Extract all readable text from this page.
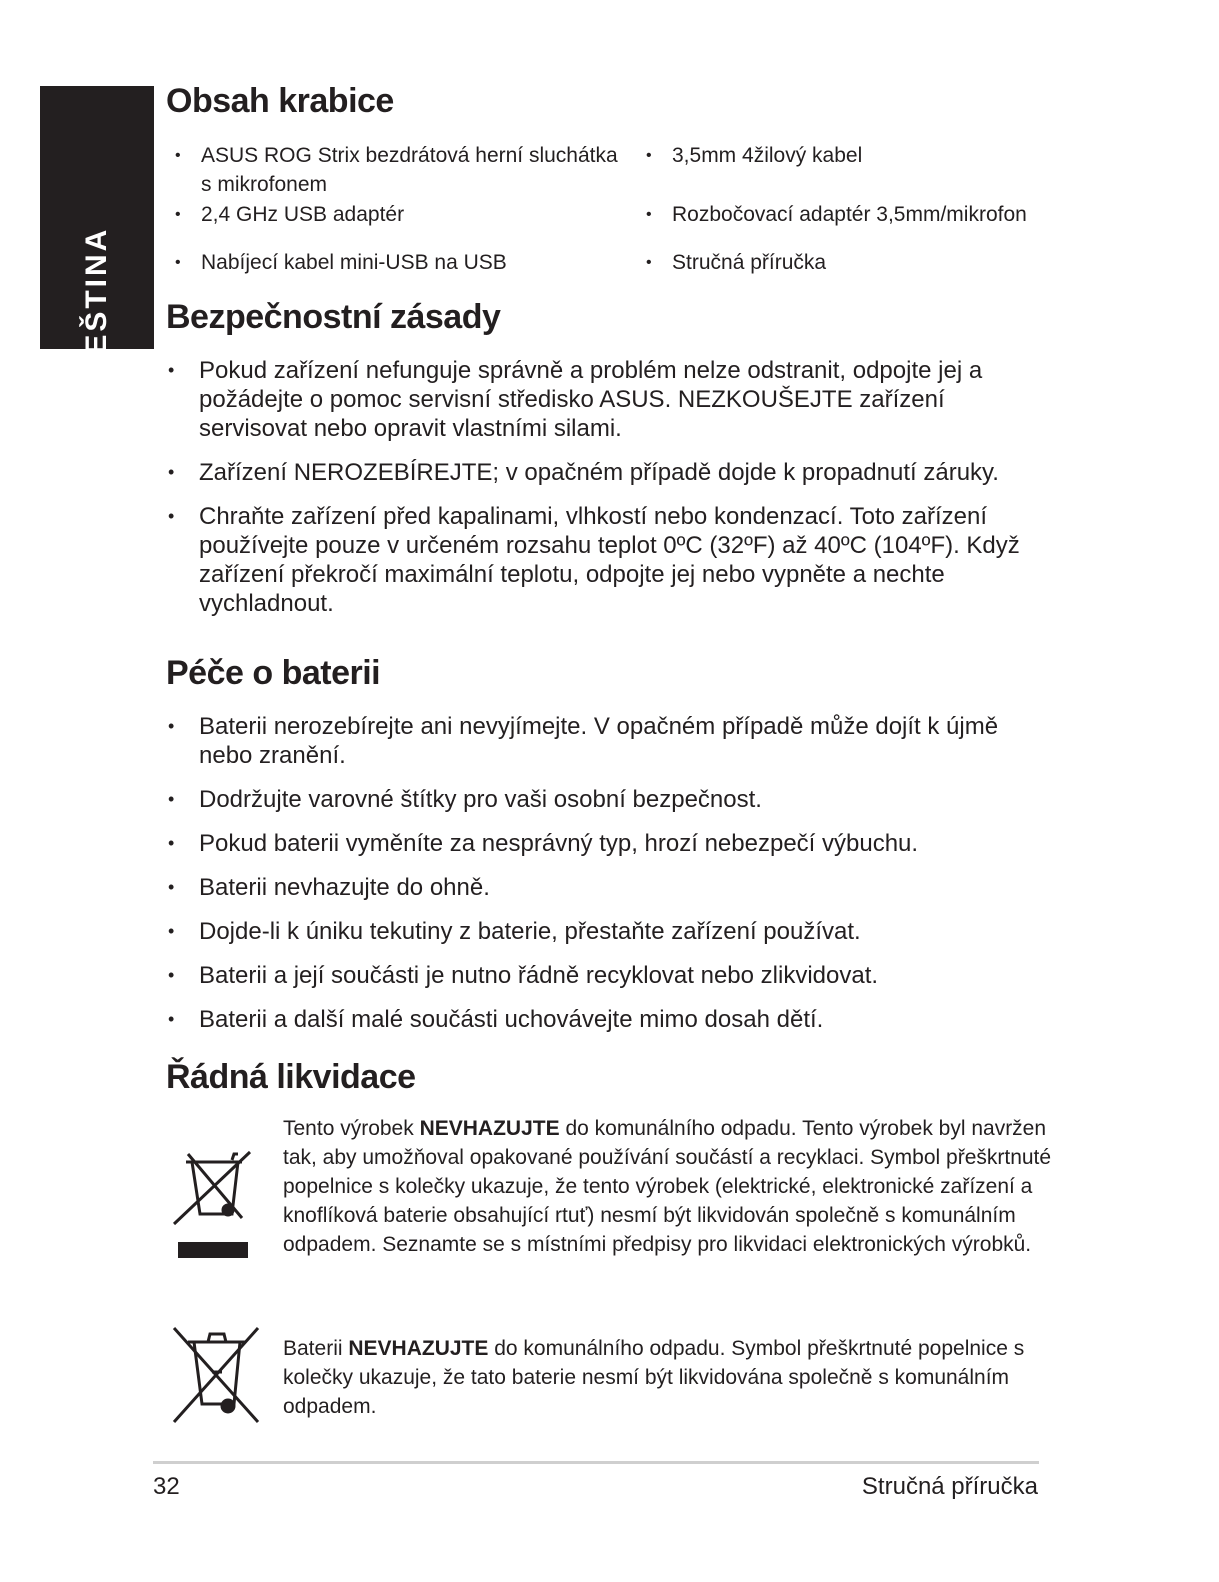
ČEŠTINA
Obsah krabice
• ASUS ROG Strix bezdrátová herní sluchátka s mikrofonem
• 3,5mm 4žilový kabel
• 2,4 GHz USB adaptér	• Rozbočovací adaptér 3,5mm/mikrofon
• Nabíjecí kabel mini-USB na USB	• Stručná příručka
Bezpečnostní zásady
• Pokud zařízení nefunguje správně a problém nelze odstranit, odpojte jej a požádejte o pomoc servisní středisko ASUS. NEZKOUŠEJTE zařízení servisovat nebo opravit vlastními silami.
• Zařízení NEROZEBÍREJTE; v opačném případě dojde k propadnutí záruky.
• Chraňte zařízení před kapalinami, vlhkostí nebo kondenzací. Toto zařízení používejte pouze v určeném rozsahu teplot 0ºC (32ºF) až 40ºC (104ºF). Když zařízení překročí maximální teplotu, odpojte jej nebo vypněte a nechte vychladnout.
Péče o baterii
• Baterii nerozebírejte ani nevyjímejte. V opačném případě může dojít k újmě nebo zranění.
• Dodržujte varovné štítky pro vaši osobní bezpečnost.
• Pokud baterii vyměníte za nesprávný typ, hrozí nebezpečí výbuchu.
• Baterii nevhazujte do ohně.
• Dojde-li k úniku tekutiny z baterie, přestaňte zařízení používat.
• Baterii a její součásti je nutno řádně recyklovat nebo zlikvidovat.
• Baterii a další malé součásti uchovávejte mimo dosah dětí.
Řádná likvidace

Tento výrobek NEVHAZUJTE do komunálního odpadu. Tento výrobek byl navržen tak, aby umožňoval opakované používání součástí a recyklaci. Symbol přeškrtnuté popelnice s kolečky ukazuje, že tento výrobek (elektrické, elektronické zařízení a knoflíková baterie obsahující rtuť) nesmí být likvidován společně s komunálním odpadem. Seznamte se s místními předpisy pro likvidaci elektronických výrobků.

Baterii NEVHAZUJTE do komunálního odpadu. Symbol přeškrtnuté popelnice s kolečky ukazuje, že tato baterie nesmí být likvidována společně s komunálním odpadem.

32	Stručná příručka
